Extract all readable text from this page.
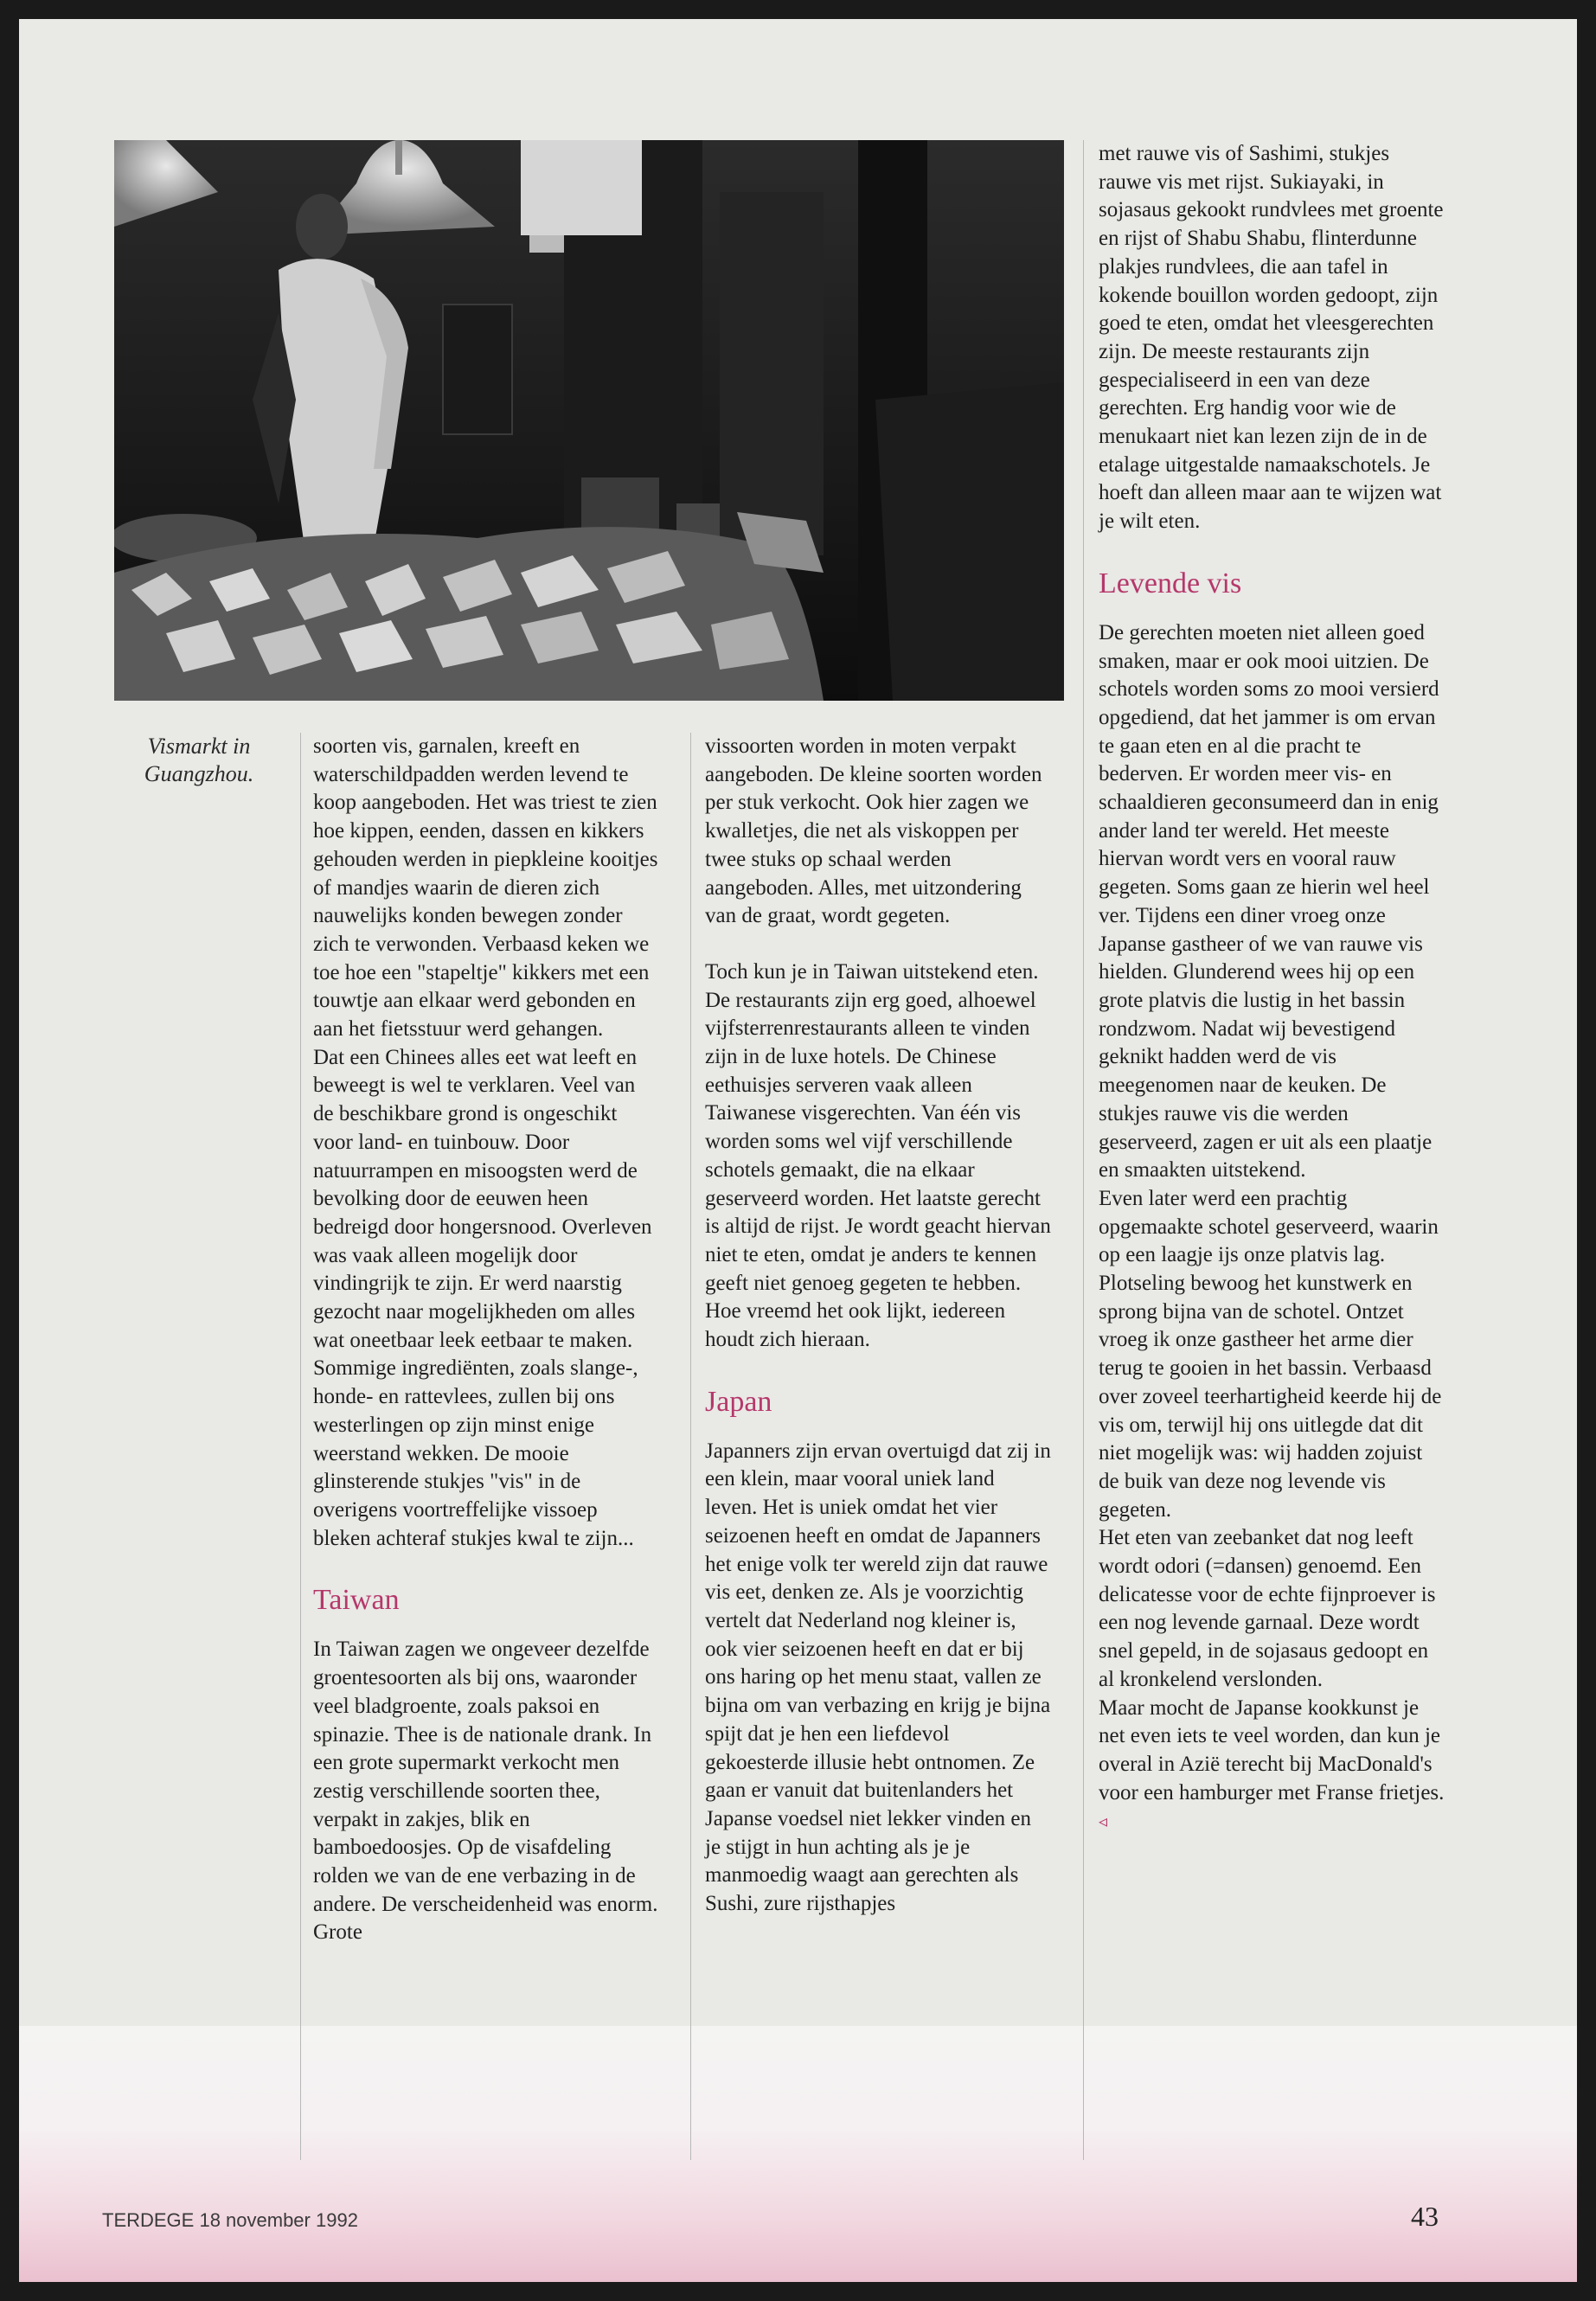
Vismarkt in Guangzhou.

soorten vis, garnalen, kreeft en waterschildpadden werden levend te koop aangeboden. Het was triest te zien hoe kippen, eenden, dassen en kikkers gehouden werden in piepkleine kooitjes of mandjes waarin de dieren zich nauwelijks konden bewegen zonder zich te verwonden. Verbaasd keken we toe hoe een "stapeltje" kikkers met een touwtje aan elkaar werd gebonden en aan het fietsstuur werd gehangen.

Dat een Chinees alles eet wat leeft en beweegt is wel te verklaren. Veel van de beschikbare grond is ongeschikt voor land- en tuinbouw. Door natuurrampen en misoogsten werd de bevolking door de eeuwen heen bedreigd door hongersnood. Overleven was vaak alleen mogelijk door vindingrijk te zijn. Er werd naarstig gezocht naar mogelijkheden om alles wat oneetbaar leek eetbaar te maken. Sommige ingrediënten, zoals slange-, honde- en rattevlees, zullen bij ons westerlingen op zijn minst enige weerstand wekken. De mooie glinsterende stukjes "vis" in de overigens voortreffelijke vissoep bleken achteraf stukjes kwal te zijn...

Taiwan

In Taiwan zagen we ongeveer dezelfde groentesoorten als bij ons, waaronder veel bladgroente, zoals paksoi en spinazie. Thee is de nationale drank. In een grote supermarkt verkocht men zestig verschillende soorten thee, verpakt in zakjes, blik en bamboedoosjes. Op de visafdeling rolden we van de ene verbazing in de andere. De verscheidenheid was enorm. Grote

vissoorten worden in moten verpakt aangeboden. De kleine soorten worden per stuk verkocht. Ook hier zagen we kwalletjes, die net als viskoppen per twee stuks op schaal werden aangeboden. Alles, met uitzondering van de graat, wordt gegeten.

Toch kun je in Taiwan uitstekend eten. De restaurants zijn erg goed, alhoewel vijfsterrenrestaurants alleen te vinden zijn in de luxe hotels. De Chinese eethuisjes serveren vaak alleen Taiwanese visgerechten. Van één vis worden soms wel vijf verschillende schotels gemaakt, die na elkaar geserveerd worden. Het laatste gerecht is altijd de rijst. Je wordt geacht hiervan niet te eten, omdat je anders te kennen geeft niet genoeg gegeten te hebben. Hoe vreemd het ook lijkt, iedereen houdt zich hieraan.

Japan

Japanners zijn ervan overtuigd dat zij in een klein, maar vooral uniek land leven. Het is uniek omdat het vier seizoenen heeft en omdat de Japanners het enige volk ter wereld zijn dat rauwe vis eet, denken ze. Als je voorzichtig vertelt dat Nederland nog kleiner is, ook vier seizoenen heeft en dat er bij ons haring op het menu staat, vallen ze bijna om van verbazing en krijg je bijna spijt dat je hen een liefdevol gekoesterde illusie hebt ontnomen. Ze gaan er vanuit dat buitenlanders het Japanse voedsel niet lekker vinden en je stijgt in hun achting als je je manmoedig waagt aan gerechten als Sushi, zure rijsthapjes

met rauwe vis of Sashimi, stukjes rauwe vis met rijst. Sukiayaki, in sojasaus gekookt rundvlees met groente en rijst of Shabu Shabu, flinterdunne plakjes rundvlees, die aan tafel in kokende bouillon worden gedoopt, zijn goed te eten, omdat het vleesgerechten zijn. De meeste restaurants zijn gespecialiseerd in een van deze gerechten. Erg handig voor wie de menukaart niet kan lezen zijn de in de etalage uitgestalde namaakschotels. Je hoeft dan alleen maar aan te wijzen wat je wilt eten.

Levende vis

De gerechten moeten niet alleen goed smaken, maar er ook mooi uitzien. De schotels worden soms zo mooi versierd opgediend, dat het jammer is om ervan te gaan eten en al die pracht te bederven. Er worden meer vis- en schaaldieren geconsumeerd dan in enig ander land ter wereld. Het meeste hiervan wordt vers en vooral rauw gegeten. Soms gaan ze hierin wel heel ver. Tijdens een diner vroeg onze Japanse gastheer of we van rauwe vis hielden. Glunderend wees hij op een grote platvis die lustig in het bassin rondzwom. Nadat wij bevestigend geknikt hadden werd de vis meegenomen naar de keuken. De stukjes rauwe vis die werden geserveerd, zagen er uit als een plaatje en smaakten uitstekend.

Even later werd een prachtig opgemaakte schotel geserveerd, waarin op een laagje ijs onze platvis lag. Plotseling bewoog het kunstwerk en sprong bijna van de schotel. Ontzet vroeg ik onze gastheer het arme dier terug te gooien in het bassin. Verbaasd over zoveel teerhartigheid keerde hij de vis om, terwijl hij ons uitlegde dat dit niet mogelijk was: wij hadden zojuist de buik van deze nog levende vis gegeten.

Het eten van zeebanket dat nog leeft wordt odori (=dansen) genoemd. Een delicatesse voor de echte fijnproever is een nog levende garnaal. Deze wordt snel gepeld, in de sojasaus gedoopt en al kronkelend verslonden.

Maar mocht de Japanse kookkunst je net even iets te veel worden, dan kun je overal in Azië terecht bij MacDonald's voor een hamburger met Franse frietjes. ◃

TERDEGE 18 november 1992	43
